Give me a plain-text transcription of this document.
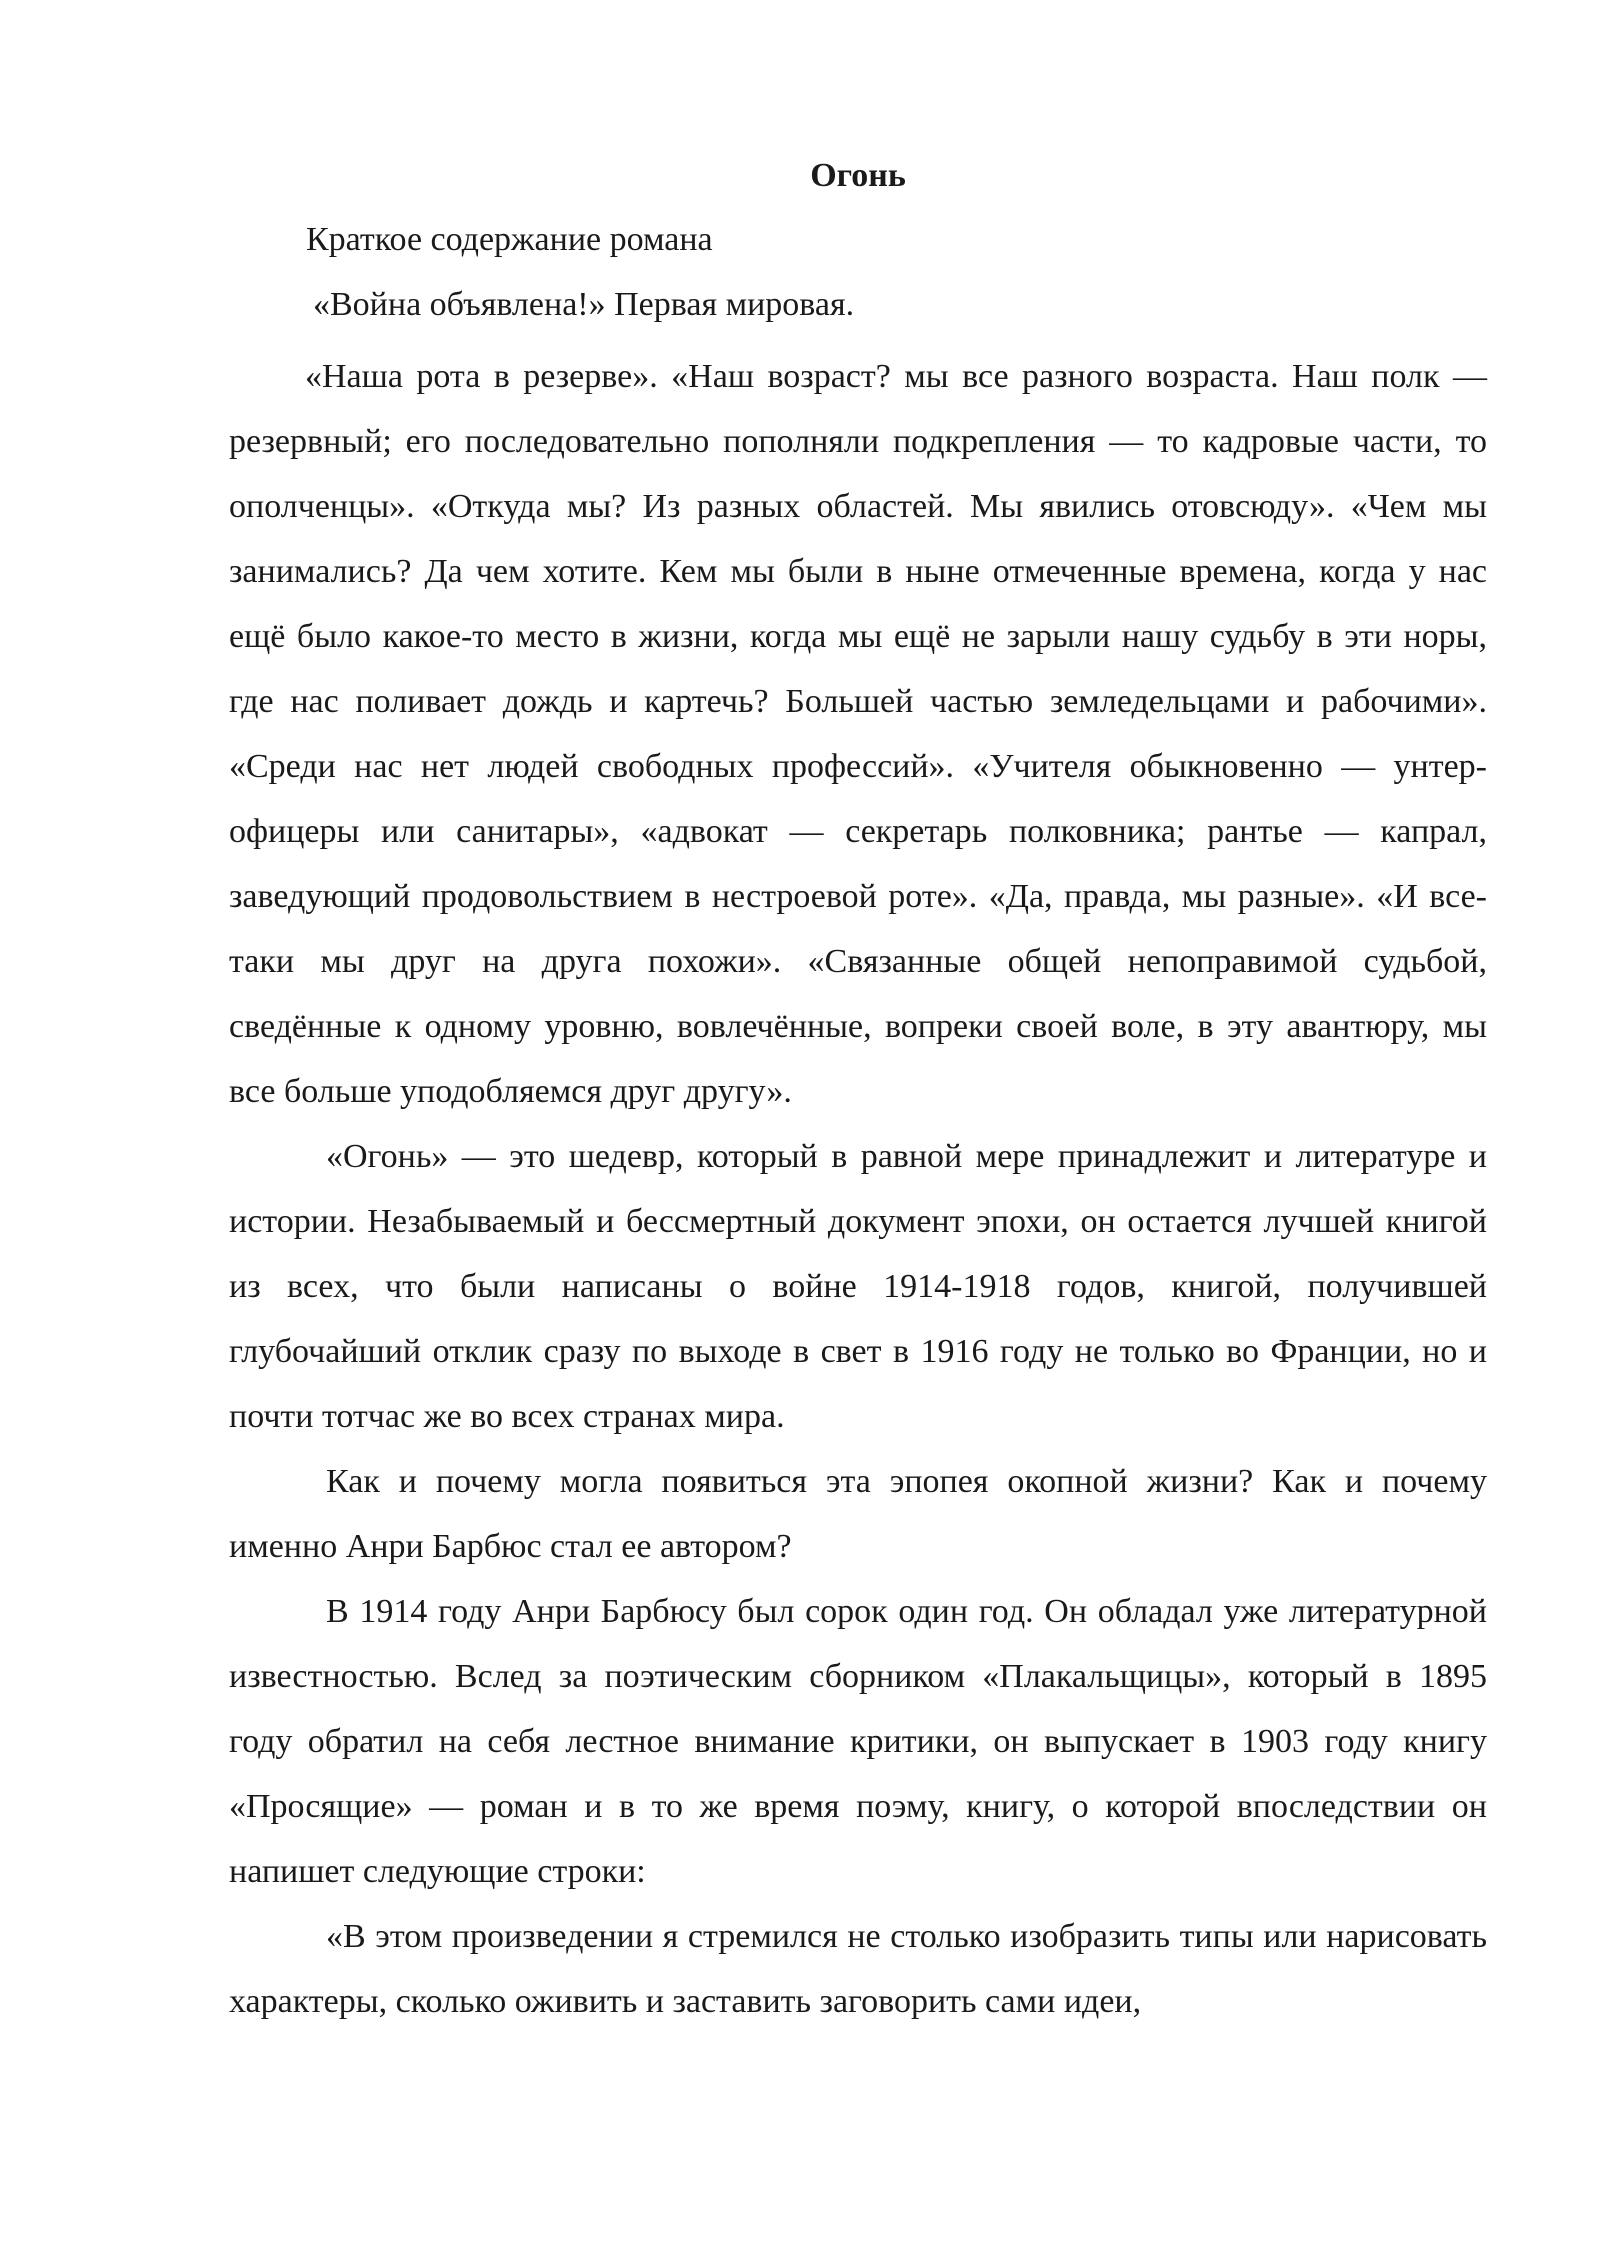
Огонь
Краткое содержание романа
«Война объявлена!» Первая мировая.

«Наша рота в резерве». «Наш возраст? мы все разного возраста. Наш полк — резервный; его последовательно пополняли подкрепления — то кадровые части, то ополченцы». «Откуда мы? Из разных областей. Мы явились отовсюду». «Чем мы занимались? Да чем хотите. Кем мы были в ныне отмеченные времена, когда у нас ещё было какое-то место в жизни, когда мы ещё не зарыли нашу судьбу в эти норы, где нас поливает дождь и картечь? Большей частью земледельцами и рабочими». «Среди нас нет людей свободных профессий». «Учителя обыкновенно — унтер-офицеры или санитары», «адвокат — секретарь полковника; рантье — капрал, заведующий продовольствием в нестроевой роте». «Да, правда, мы разные». «И все-таки мы друг на друга похожи». «Связанные общей непоправимой судьбой, сведённые к одному уровню, вовлечённые, вопреки своей воле, в эту авантюру, мы все больше уподобляемся друг другу».

«Огонь» — это шедевр, который в равной мере принадлежит и литературе и истории. Незабываемый и бессмертный документ эпохи, он остается лучшей книгой из всех, что были написаны о войне 1914-1918 годов, книгой, получившей глубочайший отклик сразу по выходе в свет в 1916 году не только во Франции, но и почти тотчас же во всех странах мира.

Как и почему могла появиться эта эпопея окопной жизни? Как и почему именно Анри Барбюс стал ее автором?

В 1914 году Анри Барбюсу был сорок один год. Он обладал уже литературной известностью. Вслед за поэтическим сборником «Плакальщицы», который в 1895 году обратил на себя лестное внимание критики, он выпускает в 1903 году книгу «Просящие» — роман и в то же время поэму, книгу, о которой впоследствии он напишет следующие строки:

«В этом произведении я стремился не столько изобразить типы или нарисовать характеры, сколько оживить и заставить заговорить сами идеи,
